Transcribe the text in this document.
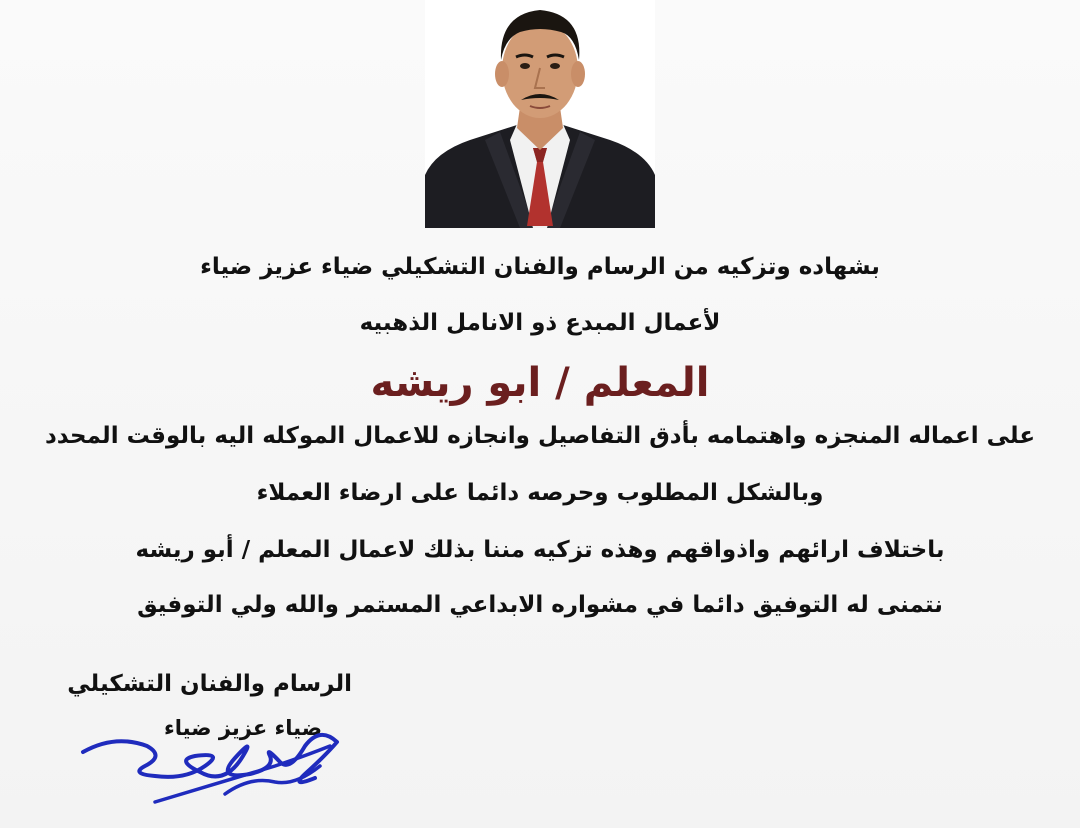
بشهاده وتزكيه من الرسام والفنان التشكيلي ضياء عزيز ضياء
لأعمال المبدع ذو الانامل الذهبيه
المعلم / ابو ريشه
على اعماله المنجزه واهتمامه بأدق التفاصيل وانجازه للاعمال الموكله اليه بالوقت المحدد
وبالشكل المطلوب وحرصه دائما على ارضاء العملاء
باختلاف ارائهم واذواقهم وهذه تزكيه مننا بذلك لاعمال المعلم / أبو ريشه
نتمنى له التوفيق دائما في مشواره الابداعي المستمر والله ولي التوفيق
الرسام والفنان التشكيلي
ضياء عزيز ضياء
